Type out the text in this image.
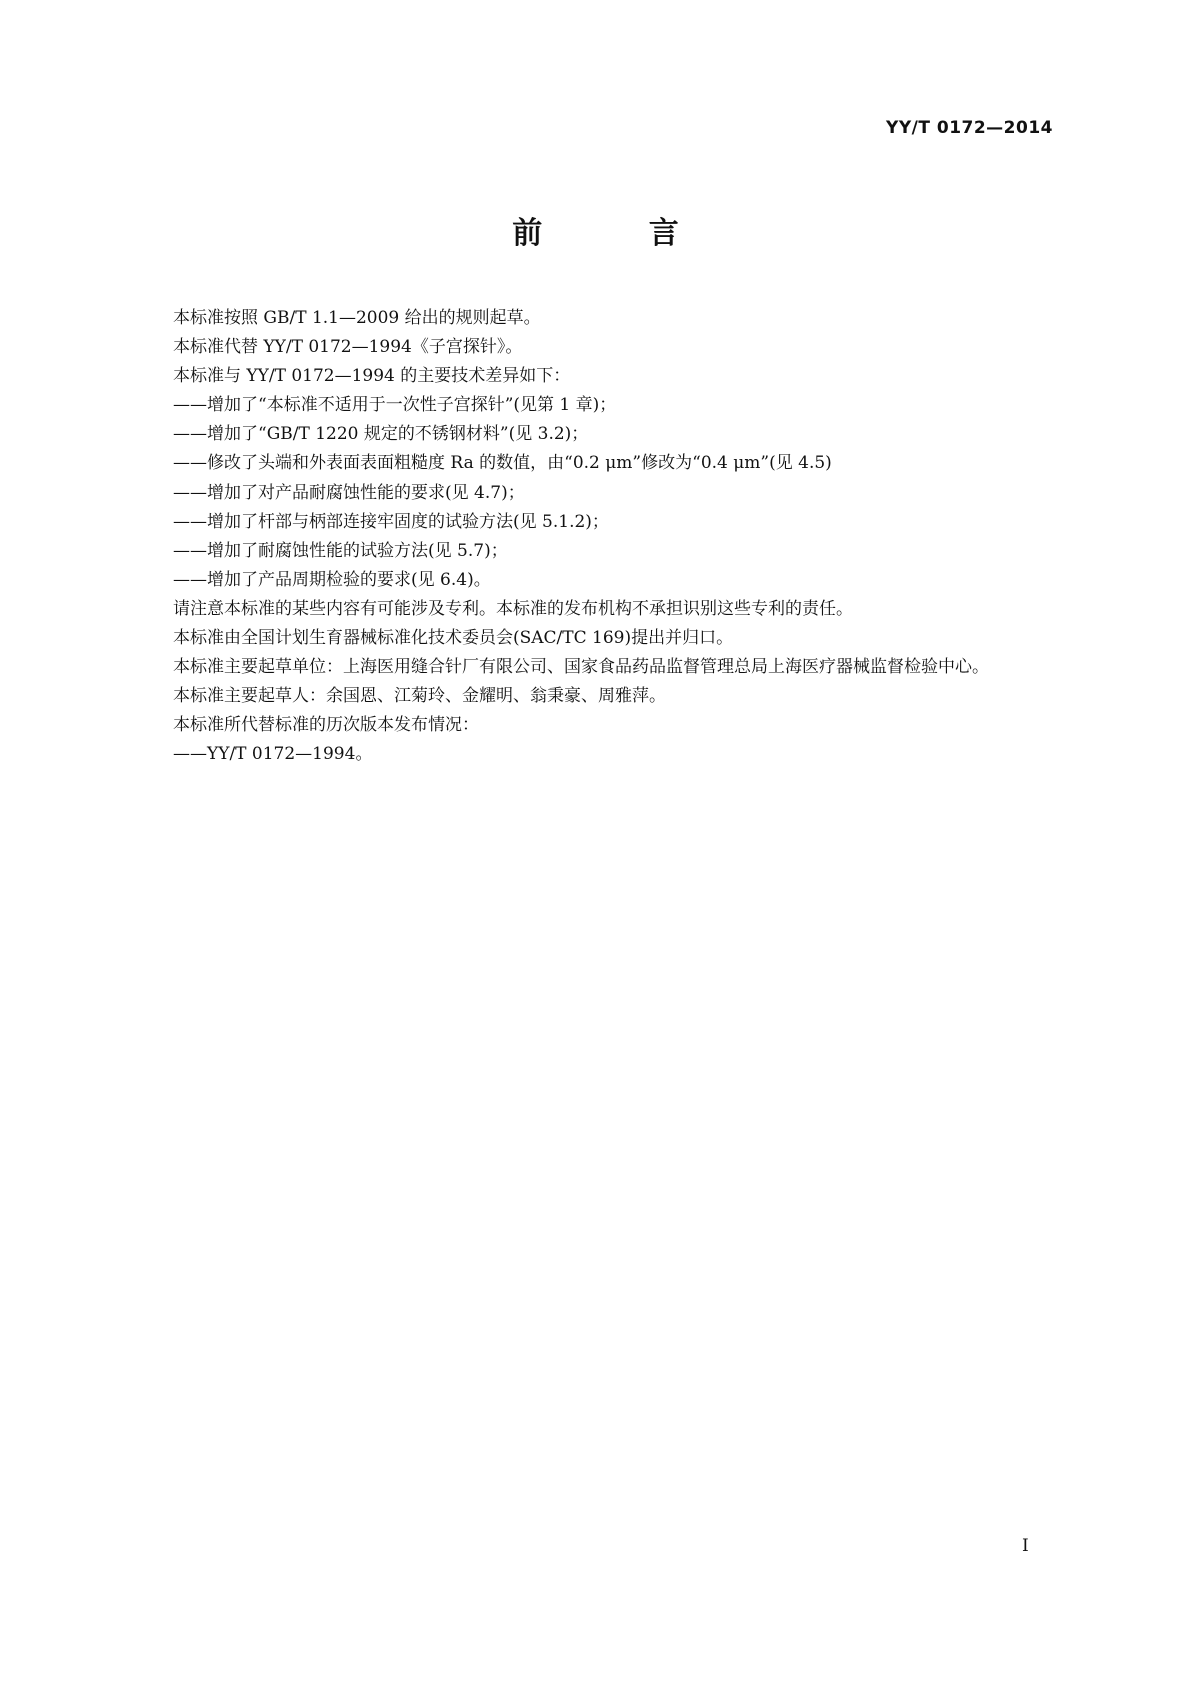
YY/T 0172—2014
前 言

本标准按照 GB/T 1.1—2009 给出的规则起草。

本标准代替 YY/T 0172—1994《子宫探针》。

本标准与 YY/T 0172—1994 的主要技术差异如下：

——增加了“本标准不适用于一次性子宫探针”(见第 1 章)；

——增加了“GB/T 1220 规定的不锈钢材料”(见 3.2)；

——修改了头端和外表面表面粗糙度 Ra 的数值，由“0.2 μm”修改为“0.4 μm”(见 4.5)

——增加了对产品耐腐蚀性能的要求(见 4.7)；

——增加了杆部与柄部连接牢固度的试验方法(见 5.1.2)；

——增加了耐腐蚀性能的试验方法(见 5.7)；

——增加了产品周期检验的要求(见 6.4)。

请注意本标准的某些内容有可能涉及专利。本标准的发布机构不承担识别这些专利的责任。

本标准由全国计划生育器械标准化技术委员会(SAC/TC 169)提出并归口。

本标准主要起草单位：上海医用缝合针厂有限公司、国家食品药品监督管理总局上海医疗器械监督检验中心。

本标准主要起草人：余国恩、江菊玲、金耀明、翁秉豪、周雅萍。

本标准所代替标准的历次版本发布情况：

——YY/T 0172—1994。

I
